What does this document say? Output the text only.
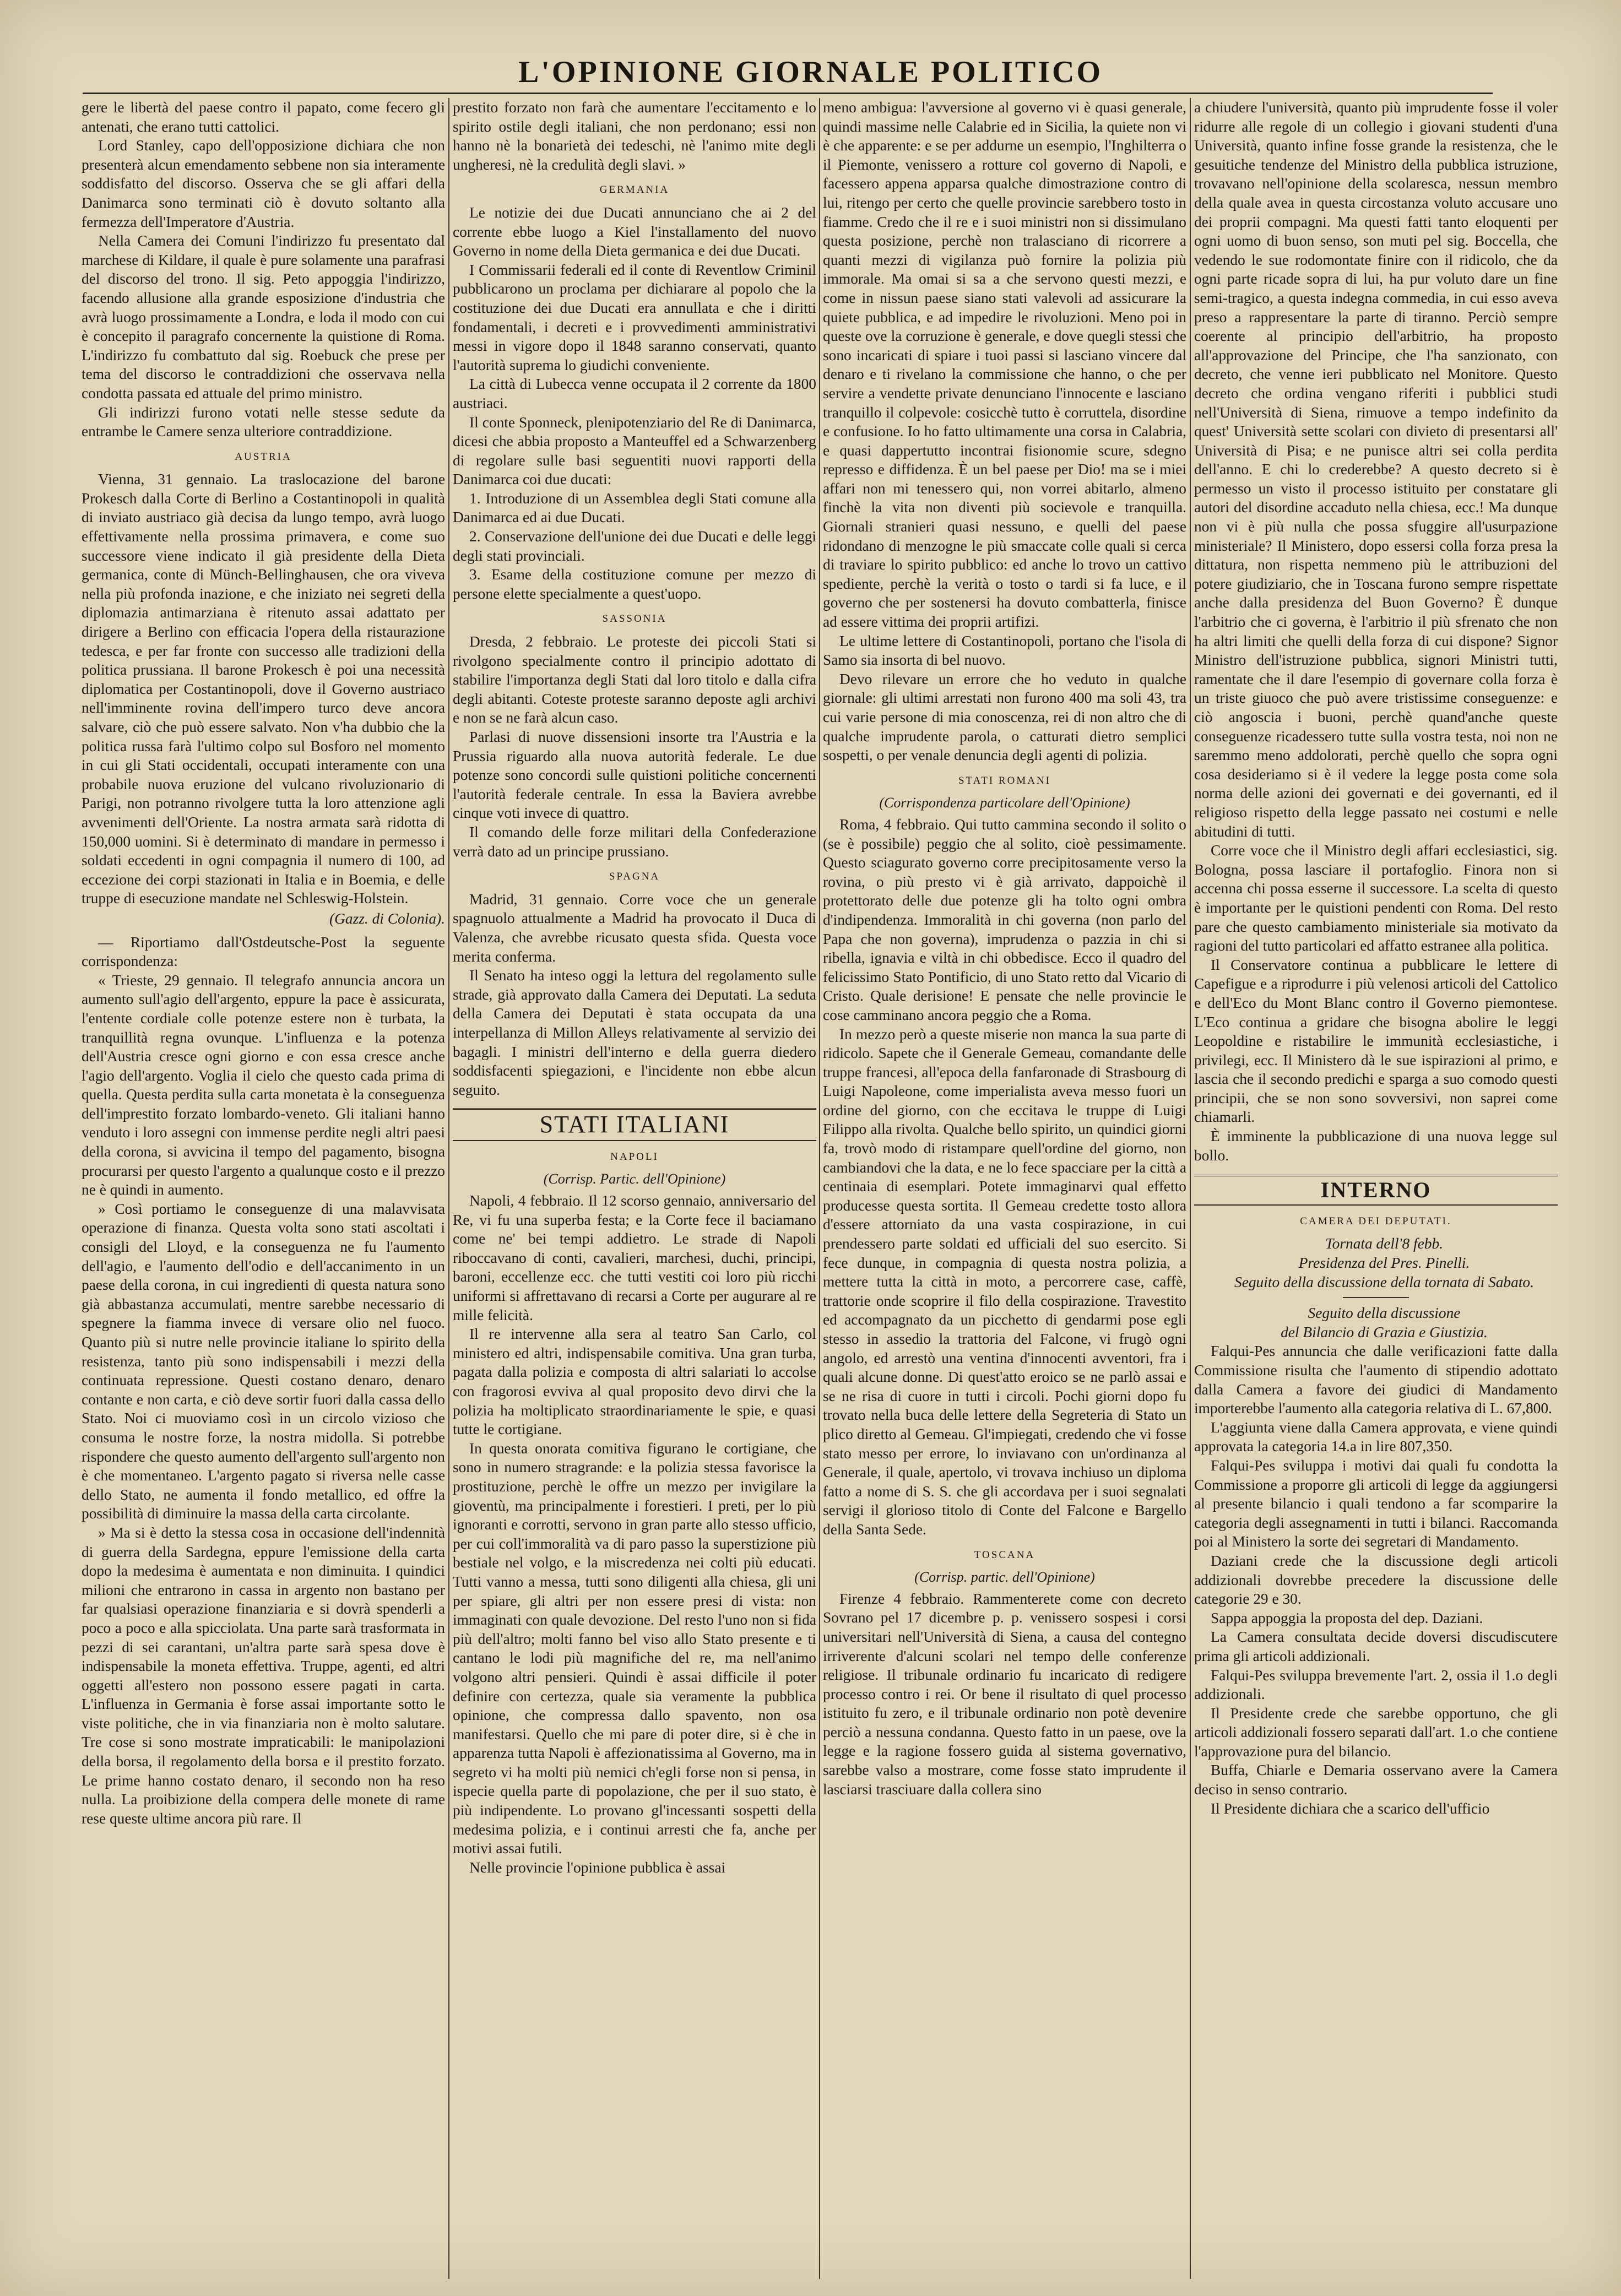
L'OPINIONE GIORNALE POLITICO

gere le libertà del paese contro il papato, come fecero gli antenati, che erano tutti cattolici.

Lord Stanley, capo dell'opposizione dichiara che non presenterà alcun emendamento sebbene non sia interamente soddisfatto del discorso. Osserva che se gli affari della Danimarca sono terminati ciò è dovuto soltanto alla fermezza dell'Imperatore d'Austria.

Nella Camera dei Comuni l'indirizzo fu presentato dal marchese di Kildare, il quale è pure solamente una parafrasi del discorso del trono. Il sig. Peto appoggia l'indirizzo, facendo allusione alla grande esposizione d'industria che avrà luogo prossimamente a Londra, e loda il modo con cui è concepito il paragrafo concernente la quistione di Roma. L'indirizzo fu combattuto dal sig. Roebuck che prese per tema del discorso le contraddizioni che osservava nella condotta passata ed attuale del primo ministro.

Gli indirizzi furono votati nelle stesse sedute da entrambe le Camere senza ulteriore contraddizione.

AUSTRIA

Vienna, 31 gennaio. La traslocazione del barone Prokesch dalla Corte di Berlino a Costantinopoli in qualità di inviato austriaco già decisa da lungo tempo, avrà luogo effettivamente nella prossima primavera, e come suo successore viene indicato il già presidente della Dieta germanica, conte di Münch-Bellinghausen, che ora viveva nella più profonda inazione, e che iniziato nei segreti della diplomazia antimarziana è ritenuto assai adattato per dirigere a Berlino con efficacia l'opera della ristaurazione tedesca, e per far fronte con successo alle tradizioni della politica prussiana. Il barone Prokesch è poi una necessità diplomatica per Costantinopoli, dove il Governo austriaco nell'imminente rovina dell'impero turco deve ancora salvare, ciò che può essere salvato. Non v'ha dubbio che la politica russa farà l'ultimo colpo sul Bosforo nel momento in cui gli Stati occidentali, occupati interamente con una probabile nuova eruzione del vulcano rivoluzionario di Parigi, non potranno rivolgere tutta la loro attenzione agli avvenimenti dell'Oriente. La nostra armata sarà ridotta di 150,000 uomini. Si è determinato di mandare in permesso i soldati eccedenti in ogni compagnia il numero di 100, ad eccezione dei corpi stazionati in Italia e in Boemia, e delle truppe di esecuzione mandate nel Schleswig-Holstein.

(Gazz. di Colonia).

— Riportiamo dall'Ostdeutsche-Post la seguente corrispondenza:

« Trieste, 29 gennaio. Il telegrafo annuncia ancora un aumento sull'agio dell'argento, eppure la pace è assicurata, l'entente cordiale colle potenze estere non è turbata, la tranquillità regna ovunque. L'influenza e la potenza dell'Austria cresce ogni giorno e con essa cresce anche l'agio dell'argento. Voglia il cielo che questo cada prima di quella. Questa perdita sulla carta monetata è la conseguenza dell'imprestito forzato lombardo-veneto. Gli italiani hanno venduto i loro assegni con immense perdite negli altri paesi della corona, si avvicina il tempo del pagamento, bisogna procurarsi per questo l'argento a qualunque costo e il prezzo ne è quindi in aumento.

» Così portiamo le conseguenze di una malavvisata operazione di finanza. Questa volta sono stati ascoltati i consigli del Lloyd, e la conseguenza ne fu l'aumento dell'agio, e l'aumento dell'odio e dell'accanimento in un paese della corona, in cui ingredienti di questa natura sono già abbastanza accumulati, mentre sarebbe necessario di spegnere la fiamma invece di versare olio nel fuoco. Quanto più si nutre nelle provincie italiane lo spirito della resistenza, tanto più sono indispensabili i mezzi della continuata repressione. Questi costano denaro, denaro contante e non carta, e ciò deve sortir fuori dalla cassa dello Stato. Noi ci muoviamo così in un circolo vizioso che consuma le nostre forze, la nostra midolla. Si potrebbe rispondere che questo aumento dell'argento sull'argento non è che momentaneo. L'argento pagato si riversa nelle casse dello Stato, ne aumenta il fondo metallico, ed offre la possibilità di diminuire la massa della carta circolante.

» Ma si è detto la stessa cosa in occasione dell'indennità di guerra della Sardegna, eppure l'emissione della carta dopo la medesima è aumentata e non diminuita. I quindici milioni che entrarono in cassa in argento non bastano per far qualsiasi operazione finanziaria e si dovrà spenderli a poco a poco e alla spicciolata. Una parte sarà trasformata in pezzi di sei carantani, un'altra parte sarà spesa dove è indispensabile la moneta effettiva. Truppe, agenti, ed altri oggetti all'estero non possono essere pagati in carta. L'influenza in Germania è forse assai importante sotto le viste politiche, che in via finanziaria non è molto salutare. Tre cose si sono mostrate impraticabili: le manipolazioni della borsa, il regolamento della borsa e il prestito forzato. Le prime hanno costato denaro, il secondo non ha reso nulla. La proibizione della compera delle monete di rame rese queste ultime ancora più rare. Il

prestito forzato non farà che aumentare l'eccitamento e lo spirito ostile degli italiani, che non perdonano; essi non hanno nè la bonarietà dei tedeschi, nè l'animo mite degli ungheresi, nè la credulità degli slavi. »

GERMANIA

Le notizie dei due Ducati annunciano che ai 2 del corrente ebbe luogo a Kiel l'installamento del nuovo Governo in nome della Dieta germanica e dei due Ducati.

I Commissarii federali ed il conte di Reventlow Criminil pubblicarono un proclama per dichiarare al popolo che la costituzione dei due Ducati era annullata e che i diritti fondamentali, i decreti e i provvedimenti amministrativi messi in vigore dopo il 1848 saranno conservati, quanto l'autorità suprema lo giudichi conveniente.

La città di Lubecca venne occupata il 2 corrente da 1800 austriaci.

Il conte Sponneck, plenipotenziario del Re di Danimarca, dicesi che abbia proposto a Manteuffel ed a Schwarzenberg di regolare sulle basi seguentiti nuovi rapporti della Danimarca coi due ducati:

1. Introduzione di un Assemblea degli Stati comune alla Danimarca ed ai due Ducati.

2. Conservazione dell'unione dei due Ducati e delle leggi degli stati provinciali.

3. Esame della costituzione comune per mezzo di persone elette specialmente a quest'uopo.

SASSONIA

Dresda, 2 febbraio. Le proteste dei piccoli Stati si rivolgono specialmente contro il principio adottato di stabilire l'importanza degli Stati dal loro titolo e dalla cifra degli abitanti. Coteste proteste saranno deposte agli archivi e non se ne farà alcun caso.

Parlasi di nuove dissensioni insorte tra l'Austria e la Prussia riguardo alla nuova autorità federale. Le due potenze sono concordi sulle quistioni politiche concernenti l'autorità federale centrale. In essa la Baviera avrebbe cinque voti invece di quattro.

Il comando delle forze militari della Confederazione verrà dato ad un principe prussiano.

SPAGNA

Madrid, 31 gennaio. Corre voce che un generale spagnuolo attualmente a Madrid ha provocato il Duca di Valenza, che avrebbe ricusato questa sfida. Questa voce merita conferma.

Il Senato ha inteso oggi la lettura del regolamento sulle strade, già approvato dalla Camera dei Deputati. La seduta della Camera dei Deputati è stata occupata da una interpellanza di Millon Alleys relativamente al servizio dei bagagli. I ministri dell'interno e della guerra diedero soddisfacenti spiegazioni, e l'incidente non ebbe alcun seguito.

STATI ITALIANI
NAPOLI
(Corrisp. Partic. dell'Opinione)

Napoli, 4 febbraio. Il 12 scorso gennaio, anniversario del Re, vi fu una superba festa; e la Corte fece il baciamano come ne' bei tempi addietro. Le strade di Napoli riboccavano di conti, cavalieri, marchesi, duchi, principi, baroni, eccellenze ecc. che tutti vestiti coi loro più ricchi uniformi si affrettavano di recarsi a Corte per augurare al re mille felicità.

Il re intervenne alla sera al teatro San Carlo, col ministero ed altri, indispensabile comitiva. Una gran turba, pagata dalla polizia e composta di altri salariati lo accolse con fragorosi evviva al qual proposito devo dirvi che la polizia ha moltiplicato straordinariamente le spie, e quasi tutte le cortigiane.

In questa onorata comitiva figurano le cortigiane, che sono in numero stragrande: e la polizia stessa favorisce la prostituzione, perchè le offre un mezzo per invigilare la gioventù, ma principalmente i forestieri. I preti, per lo più ignoranti e corrotti, servono in gran parte allo stesso ufficio, per cui coll'immoralità va di paro passo la superstizione più bestiale nel volgo, e la miscredenza nei colti più educati. Tutti vanno a messa, tutti sono diligenti alla chiesa, gli uni per spiare, gli altri per non essere presi di vista: non immaginati con quale devozione. Del resto l'uno non si fida più dell'altro; molti fanno bel viso allo Stato presente e ti cantano le lodi più magnifiche del re, ma nell'animo volgono altri pensieri. Quindi è assai difficile il poter definire con certezza, quale sia veramente la pubblica opinione, che compressa dallo spavento, non osa manifestarsi. Quello che mi pare di poter dire, si è che in apparenza tutta Napoli è affezionatissima al Governo, ma in segreto vi ha molti più nemici ch'egli forse non si pensa, in ispecie quella parte di popolazione, che per il suo stato, è più indipendente. Lo provano gl'incessanti sospetti della medesima polizia, e i continui arresti che fa, anche per motivi assai futili.

Nelle provincie l'opinione pubblica è assai

meno ambigua: l'avversione al governo vi è quasi generale, quindi massime nelle Calabrie ed in Sicilia, la quiete non vi è che apparente: e se per addurne un esempio, l'Inghilterra o il Piemonte, venissero a rotture col governo di Napoli, e facessero appena apparsa qualche dimostrazione contro di lui, ritengo per certo che quelle provincie sarebbero tosto in fiamme. Credo che il re e i suoi ministri non si dissimulano questa posizione, perchè non tralasciano di ricorrere a quanti mezzi di vigilanza può fornire la polizia più immorale. Ma omai si sa a che servono questi mezzi, e come in nissun paese siano stati valevoli ad assicurare la quiete pubblica, e ad impedire le rivoluzioni. Meno poi in queste ove la corruzione è generale, e dove quegli stessi che sono incaricati di spiare i tuoi passi si lasciano vincere dal denaro e ti rivelano la commissione che hanno, o che per servire a vendette private denunciano l'innocente e lasciano tranquillo il colpevole: cosicchè tutto è corruttela, disordine e confusione. Io ho fatto ultimamente una corsa in Calabria, e quasi dappertutto incontrai fisionomie scure, sdegno represso e diffidenza. È un bel paese per Dio! ma se i miei affari non mi tenessero qui, non vorrei abitarlo, almeno finchè la vita non diventi più socievole e tranquilla. Giornali stranieri quasi nessuno, e quelli del paese ridondano di menzogne le più smaccate colle quali si cerca di traviare lo spirito pubblico: ed anche lo trovo un cattivo spediente, perchè la verità o tosto o tardi si fa luce, e il governo che per sostenersi ha dovuto combatterla, finisce ad essere vittima dei proprii artifizi.

Le ultime lettere di Costantinopoli, portano che l'isola di Samo sia insorta di bel nuovo.

Devo rilevare un errore che ho veduto in qualche giornale: gli ultimi arrestati non furono 400 ma soli 43, tra cui varie persone di mia conoscenza, rei di non altro che di qualche imprudente parola, o catturati dietro semplici sospetti, o per venale denuncia degli agenti di polizia.

STATI ROMANI
(Corrispondenza particolare dell'Opinione)

Roma, 4 febbraio. Qui tutto cammina secondo il solito o (se è possibile) peggio che al solito, cioè pessimamente. Questo sciagurato governo corre precipitosamente verso la rovina, o più presto vi è già arrivato, dappoichè il protettorato delle due potenze gli ha tolto ogni ombra d'indipendenza. Immoralità in chi governa (non parlo del Papa che non governa), imprudenza o pazzia in chi si ribella, ignavia e viltà in chi obbedisce. Ecco il quadro del felicissimo Stato Pontificio, di uno Stato retto dal Vicario di Cristo. Quale derisione! E pensate che nelle provincie le cose camminano ancora peggio che a Roma.

In mezzo però a queste miserie non manca la sua parte di ridicolo. Sapete che il Generale Gemeau, comandante delle truppe francesi, all'epoca della fanfaronade di Strasbourg di Luigi Napoleone, come imperialista aveva messo fuori un ordine del giorno, con che eccitava le truppe di Luigi Filippo alla rivolta. Qualche bello spirito, un quindici giorni fa, trovò modo di ristampare quell'ordine del giorno, non cambiandovi che la data, e ne lo fece spacciare per la città a centinaia di esemplari. Potete immaginarvi qual effetto producesse questa sortita. Il Gemeau credette tosto allora d'essere attorniato da una vasta cospirazione, in cui prendessero parte soldati ed ufficiali del suo esercito. Si fece dunque, in compagnia di questa nostra polizia, a mettere tutta la città in moto, a percorrere case, caffè, trattorie onde scoprire il filo della cospirazione. Travestito ed accompagnato da un picchetto di gendarmi pose egli stesso in assedio la trattoria del Falcone, vi frugò ogni angolo, ed arrestò una ventina d'innocenti avventori, fra i quali alcune donne. Di quest'atto eroico se ne parlò assai e se ne risa di cuore in tutti i circoli. Pochi giorni dopo fu trovato nella buca delle lettere della Segreteria di Stato un plico diretto al Gemeau. Gl'impiegati, credendo che vi fosse stato messo per errore, lo inviavano con un'ordinanza al Generale, il quale, apertolo, vi trovava inchiuso un diploma fatto a nome di S. S. che gli accordava per i suoi segnalati servigi il glorioso titolo di Conte del Falcone e Bargello della Santa Sede.

TOSCANA
(Corrisp. partic. dell'Opinione)

Firenze 4 febbraio. Rammenterete come con decreto Sovrano pel 17 dicembre p. p. venissero sospesi i corsi universitari nell'Università di Siena, a causa del contegno irriverente d'alcuni scolari nel tempo delle conferenze religiose. Il tribunale ordinario fu incaricato di redigere processo contro i rei. Or bene il risultato di quel processo istituito fu zero, e il tribunale ordinario non potè devenire perciò a nessuna condanna. Questo fatto in un paese, ove la legge e la ragione fossero guida al sistema governativo, sarebbe valso a mostrare, come fosse stato imprudente il lasciarsi trasciuare dalla collera sino

a chiudere l'università, quanto più imprudente fosse il voler ridurre alle regole di un collegio i giovani studenti d'una Università, quanto infine fosse grande la resistenza, che le gesuitiche tendenze del Ministro della pubblica istruzione, trovavano nell'opinione della scolaresca, nessun membro della quale avea in questa circostanza voluto accusare uno dei proprii compagni. Ma questi fatti tanto eloquenti per ogni uomo di buon senso, son muti pel sig. Boccella, che vedendo le sue rodomontate finire con il ridicolo, che da ogni parte ricade sopra di lui, ha pur voluto dare un fine semi-tragico, a questa indegna commedia, in cui esso aveva preso a rappresentare la parte di tiranno. Perciò sempre coerente al principio dell'arbitrio, ha proposto all'approvazione del Principe, che l'ha sanzionato, con decreto, che venne ieri pubblicato nel Monitore. Questo decreto che ordina vengano riferiti i pubblici studi nell'Università di Siena, rimuove a tempo indefinito da quest' Università sette scolari con divieto di presentarsi all' Università di Pisa; e ne punisce altri sei colla perdita dell'anno. E chi lo crederebbe? A questo decreto si è permesso un visto il processo istituito per constatare gli autori del disordine accaduto nella chiesa, ecc.! Ma dunque non vi è più nulla che possa sfuggire all'usurpazione ministeriale? Il Ministero, dopo essersi colla forza presa la dittatura, non rispetta nemmeno più le attribuzioni del potere giudiziario, che in Toscana furono sempre rispettate anche dalla presidenza del Buon Governo? È dunque l'arbitrio che ci governa, è l'arbitrio il più sfrenato che non ha altri limiti che quelli della forza di cui dispone? Signor Ministro dell'istruzione pubblica, signori Ministri tutti, ramentate che il dare l'esempio di governare colla forza è un triste giuoco che può avere tristissime conseguenze: e ciò angoscia i buoni, perchè quand'anche queste conseguenze ricadessero tutte sulla vostra testa, noi non ne saremmo meno addolorati, perchè quello che sopra ogni cosa desideriamo si è il vedere la legge posta come sola norma delle azioni dei governati e dei governanti, ed il religioso rispetto della legge passato nei costumi e nelle abitudini di tutti.

Corre voce che il Ministro degli affari ecclesiastici, sig. Bologna, possa lasciare il portafoglio. Finora non si accenna chi possa esserne il successore. La scelta di questo è importante per le quistioni pendenti con Roma. Del resto pare che questo cambiamento ministeriale sia motivato da ragioni del tutto particolari ed affatto estranee alla politica.

Il Conservatore continua a pubblicare le lettere di Capefigue e a riprodurre i più velenosi articoli del Cattolico e dell'Eco du Mont Blanc contro il Governo piemontese. L'Eco continua a gridare che bisogna abolire le leggi Leopoldine e ristabilire le immunità ecclesiastiche, i privilegi, ecc. Il Ministero dà le sue ispirazioni al primo, e lascia che il secondo predichi e sparga a suo comodo questi principii, che se non sono sovversivi, non saprei come chiamarli.

È imminente la pubblicazione di una nuova legge sul bollo.

INTERNO
CAMERA DEI DEPUTATI.

Tornata dell'8 febb.

Presidenza del Pres. Pinelli.

Seguito della discussione della tornata di Sabato.

Seguito della discussione

del Bilancio di Grazia e Giustizia.

Falqui-Pes annuncia che dalle verificazioni fatte dalla Commissione risulta che l'aumento di stipendio adottato dalla Camera a favore dei giudici di Mandamento importerebbe l'aumento alla categoria relativa di L. 67,800.

L'aggiunta viene dalla Camera approvata, e viene quindi approvata la categoria 14.a in lire 807,350.

Falqui-Pes sviluppa i motivi dai quali fu condotta la Commissione a proporre gli articoli di legge da aggiungersi al presente bilancio i quali tendono a far scomparire la categoria degli assegnamenti in tutti i bilanci. Raccomanda poi al Ministero la sorte dei segretari di Mandamento.

Daziani crede che la discussione degli articoli addizionali dovrebbe precedere la discussione delle categorie 29 e 30.

Sappa appoggia la proposta del dep. Daziani.

La Camera consultata decide doversi discudiscutere prima gli articoli addizionali.

Falqui-Pes sviluppa brevemente l'art. 2, ossia il 1.o degli addizionali.

Il Presidente crede che sarebbe opportuno, che gli articoli addizionali fossero separati dall'art. 1.o che contiene l'approvazione pura del bilancio.

Buffa, Chiarle e Demaria osservano avere la Camera deciso in senso contrario.

Il Presidente dichiara che a scarico dell'ufficio
